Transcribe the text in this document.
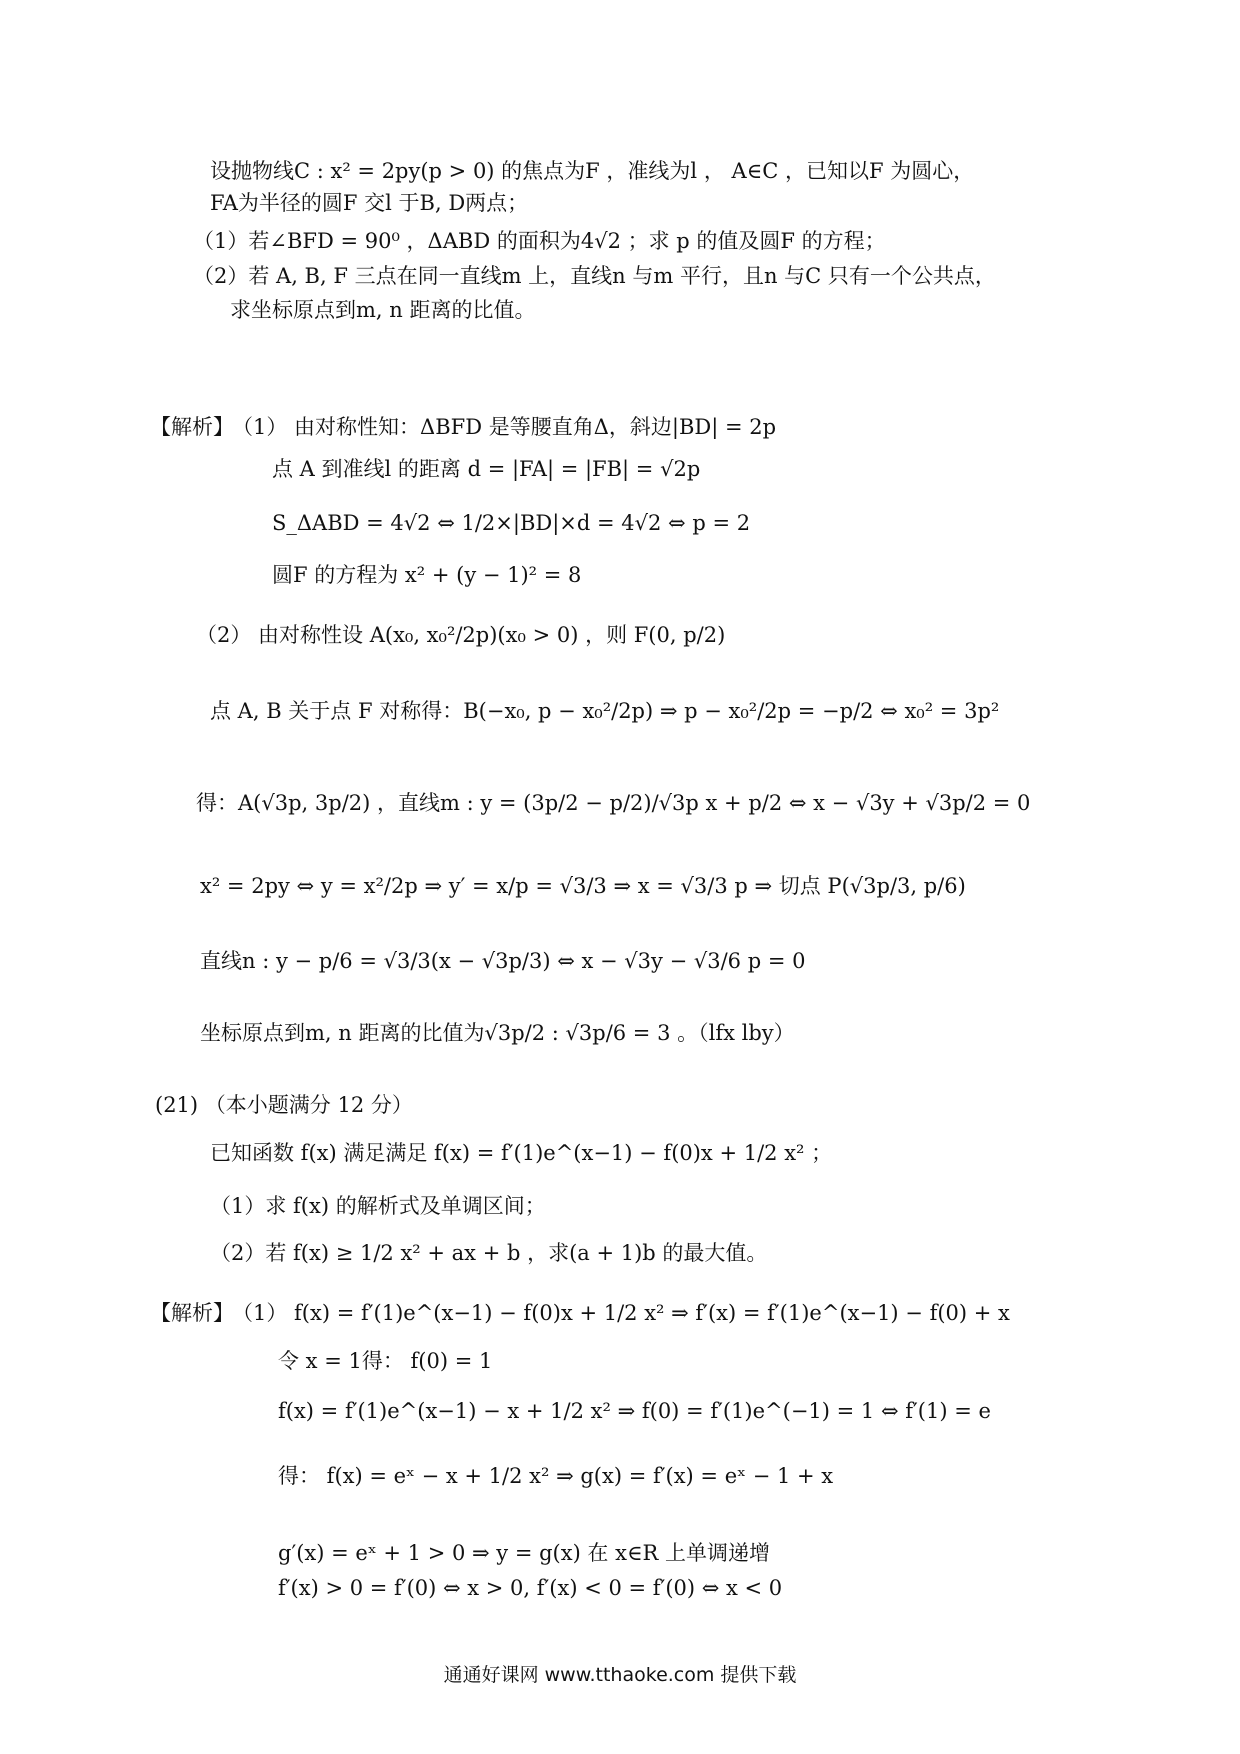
设抛物线C : x² = 2py(p > 0) 的焦点为F ，准线为l ， A∈C ，已知以F 为圆心，
FA为半径的圆F 交l 于B, D两点；
（1）若∠BFD = 90⁰ ，ΔABD 的面积为4√2 ；求 p 的值及圆F 的方程；
（2）若 A, B, F 三点在同一直线m 上，直线n 与m 平行，且n 与C 只有一个公共点，
求坐标原点到m, n 距离的比值。
【解析】
（1） 由对称性知：ΔBFD 是等腰直角Δ，斜边|BD| = 2p
点 A 到准线l 的距离 d = |FA| = |FB| = √2p
S_ΔABD = 4√2 ⇔ 1/2×|BD|×d = 4√2 ⇔ p = 2
圆F 的方程为 x² + (y − 1)² = 8
（2） 由对称性设 A(x₀, x₀²/2p)(x₀ > 0) ，则 F(0, p/2)
点 A, B 关于点 F 对称得：B(−x₀, p − x₀²/2p) ⇒ p − x₀²/2p = −p/2 ⇔ x₀² = 3p²
得：A(√3p, 3p/2) ，直线m : y = (3p/2 − p/2)/√3p x + p/2 ⇔ x − √3y + √3p/2 = 0
x² = 2py ⇔ y = x²/2p ⇒ y′ = x/p = √3/3 ⇒ x = √3/3 p ⇒ 切点 P(√3p/3, p/6)
直线n : y − p/6 = √3/3(x − √3p/3) ⇔ x − √3y − √3/6 p = 0
坐标原点到m, n 距离的比值为√3p/2 : √3p/6 = 3 。（lfx lby）
(21) （本小题满分 12 分）
已知函数 f(x) 满足满足 f(x) = f′(1)e^(x−1) − f(0)x + 1/2 x² ；
（1）求 f(x) 的解析式及单调区间；
（2）若 f(x) ≥ 1/2 x² + ax + b ，求(a + 1)b 的最大值。
【解析】
（1） f(x) = f′(1)e^(x−1) − f(0)x + 1/2 x² ⇒ f′(x) = f′(1)e^(x−1) − f(0) + x
令 x = 1得： f(0) = 1
f(x) = f′(1)e^(x−1) − x + 1/2 x² ⇒ f(0) = f′(1)e^(−1) = 1 ⇔ f′(1) = e
得： f(x) = eˣ − x + 1/2 x² ⇒ g(x) = f′(x) = eˣ − 1 + x
g′(x) = eˣ + 1 > 0 ⇒ y = g(x) 在 x∈R 上单调递增
f′(x) > 0 = f′(0) ⇔ x > 0, f′(x) < 0 = f′(0) ⇔ x < 0
通通好课网 www.tthaoke.com 提供下载
